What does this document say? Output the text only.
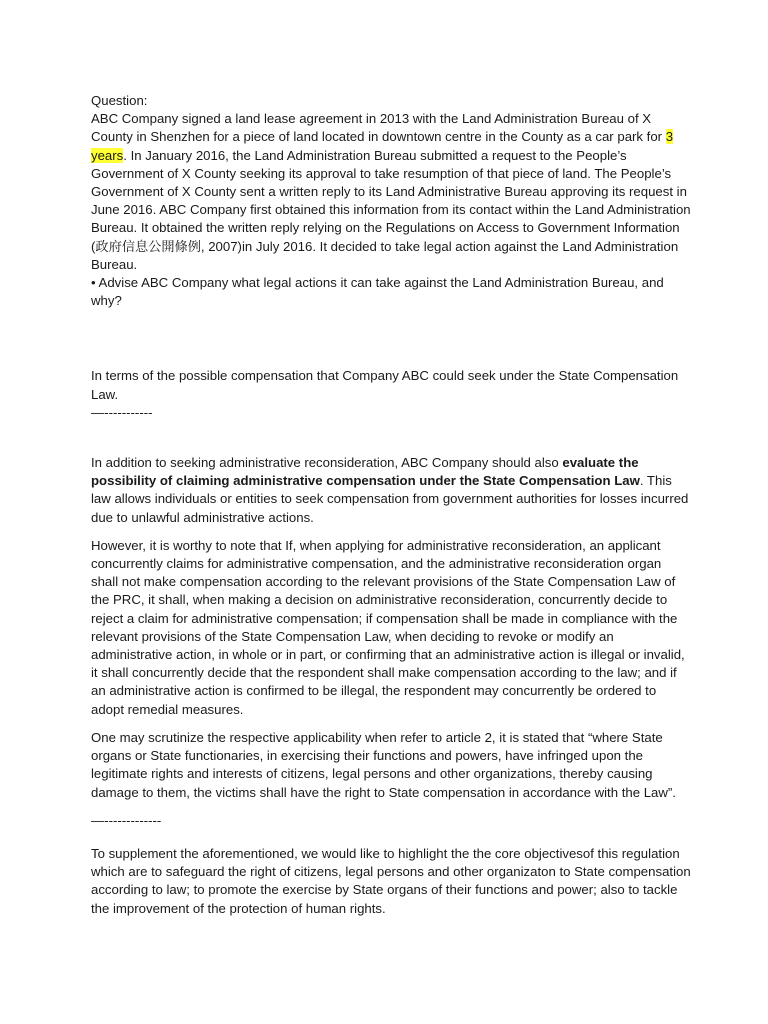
Question:

ABC Company signed a land lease agreement in 2013 with the Land Administration Bureau of X County in Shenzhen for a piece of land located in downtown centre in the County as a car park for 3 years. In January 2016, the Land Administration Bureau submitted a request to the People’s Government of X County seeking its approval to take resumption of that piece of land. The People’s Government of X County sent a written reply to its Land Administrative Bureau approving its request in June 2016. ABC Company first obtained this information from its contact within the Land Administration Bureau. It obtained the written reply relying on the Regulations on Access to Government Information (政府信息公開條例, 2007)in July 2016. It decided to take legal action against the Land Administration Bureau.

• Advise ABC Company what legal actions it can take against the Land Administration Bureau, and why?

In terms of the possible compensation that Company ABC could seek under the State Compensation Law.

—-----------

In addition to seeking administrative reconsideration, ABC Company should also evaluate the possibility of claiming administrative compensation under the State Compensation Law. This law allows individuals or entities to seek compensation from government authorities for losses incurred due to unlawful administrative actions.

However, it is worthy to note that If, when applying for administrative reconsideration, an applicant concurrently claims for administrative compensation, and the administrative reconsideration organ shall not make compensation according to the relevant provisions of the State Compensation Law of the PRC, it shall, when making a decision on administrative reconsideration, concurrently decide to reject a claim for administrative compensation; if compensation shall be made in compliance with the relevant provisions of the State Compensation Law, when deciding to revoke or modify an administrative action, in whole or in part, or confirming that an administrative action is illegal or invalid, it shall concurrently decide that the respondent shall make compensation according to the law; and if an administrative action is confirmed to be illegal, the respondent may concurrently be ordered to adopt remedial measures.

One may scrutinize the respective applicability when refer to article 2, it is stated that “where State organs or State functionaries, in exercising their functions and powers, have infringed upon the legitimate rights and interests of citizens, legal persons and other organizations, thereby causing damage to them, the victims shall have the right to State compensation in accordance with the Law”.

—-------------

To supplement the aforementioned, we would like to highlight the the core objectivesof this regulation which are to safeguard the right of citizens, legal persons and other organizaton to State compensation according to law; to promote the exercise by State organs of their functions and power; also to tackle the improvement of the protection of human rights.
